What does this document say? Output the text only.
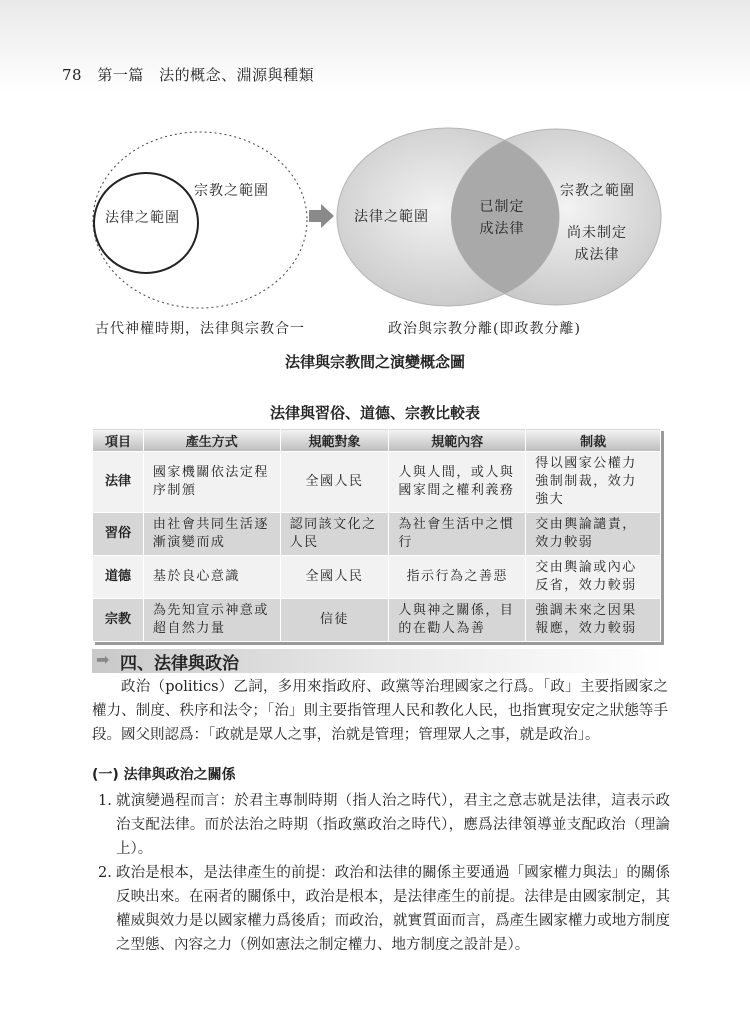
78 第一篇 法的概念、淵源與種類
宗教之範圍
法律之範圍	法律之範圍
已制定成法律
宗教之範圍
尚未制定成法律
古代神權時期，法律與宗教合一	政治與宗教分離(即政教分離)
法律與宗教間之演變概念圖
法律與習俗、道德、宗教比較表
項目	產生方式	規範對象	規範內容	制裁
法律	國家機關依法定程序制頒	全國人民	人與人間，或人與國家間之權利義務	得以國家公權力強制制裁，效力強大
習俗	由社會共同生活逐漸演變而成	認同該文化之人民	為社會生活中之慣行	交由輿論譴責，效力較弱
道德	基於良心意識	全國人民	指示行為之善惡	交由輿論或內心反省，效力較弱
宗教	為先知宣示神意或超自然力量	信徒	人與神之關係，目的在勸人為善	強調未來之因果報應，效力較弱
➡ 四、法律與政治
政治（politics）乙詞，多用來指政府、政黨等治理國家之行爲。「政」主要指國家之權力、制度、秩序和法令；「治」則主要指管理人民和教化人民，也指實現安定之狀態等手段。國父則認爲：「政就是眾人之事，治就是管理；管理眾人之事，就是政治」。
(一) 法律與政治之關係
1. 就演變過程而言：於君主專制時期（指人治之時代），君主之意志就是法律，這表示政治支配法律。而於法治之時期（指政黨政治之時代），應爲法律領導並支配政治（理論上）。
2. 政治是根本，是法律產生的前提：政治和法律的關係主要通過「國家權力與法」的關係反映出來。在兩者的關係中，政治是根本，是法律產生的前提。法律是由國家制定，其權威與效力是以國家權力爲後盾；而政治，就實質面而言，爲產生國家權力或地方制度之型態、內容之力（例如憲法之制定權力、地方制度之設計是）。
